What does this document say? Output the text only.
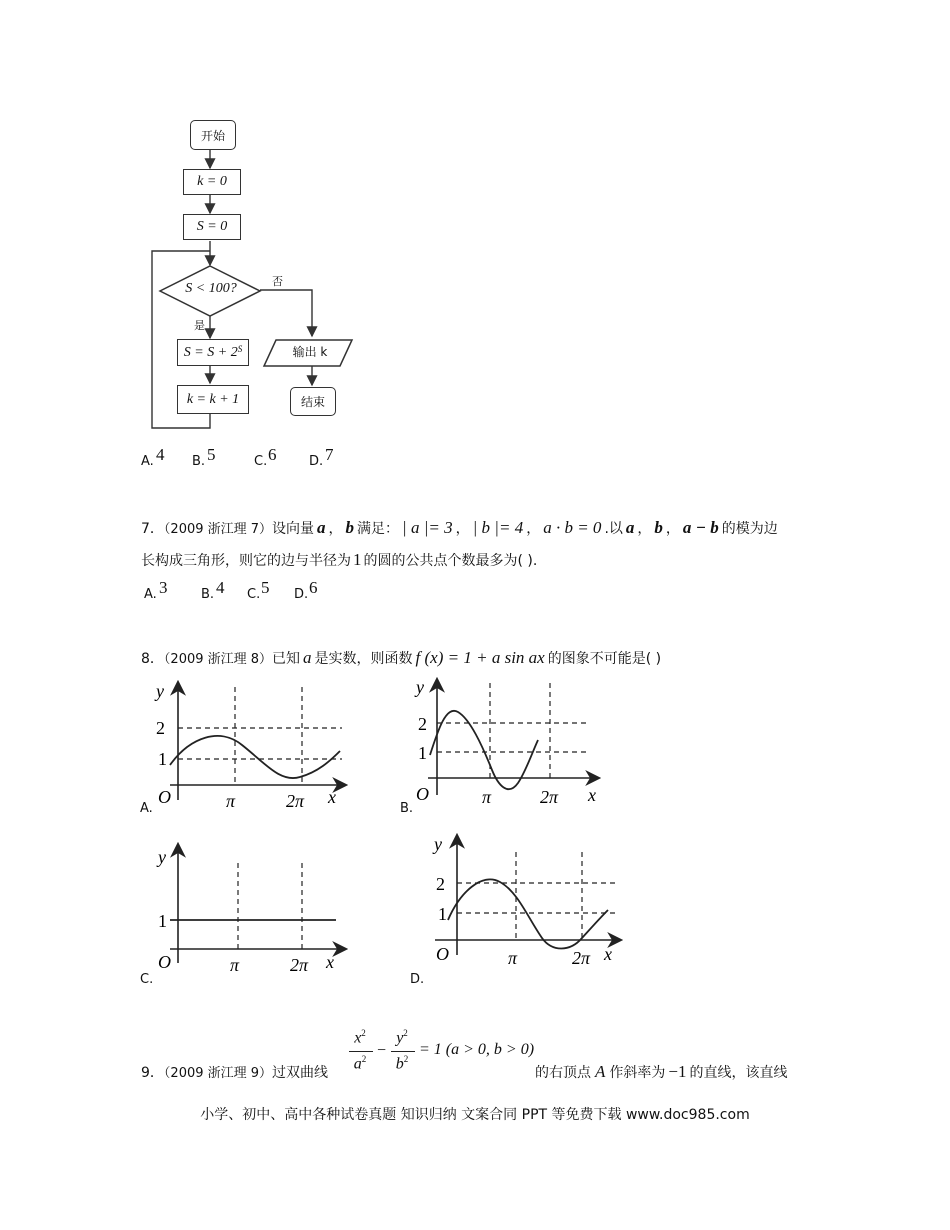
开始
k = 0
S = 0
S < 100?	否
是
$S = S + 2^S$
k = k + 1
输出 k
结束
A. 4 B. 5	C. 6	D. 7
7．（2009 浙江理 7）设向量 a ， b 满足： | a |= 3 ， | b |= 4 ， a · b = 0 .以 a ， b ， a − b 的模为边
长构成三角形，则它的边与半径为 1 的圆的公共点个数最多为( ).
A. 3	B. 4 C. 5 D. 6
8．（2009 浙江理 8）已知 a 是实数，则函数 f (x) = 1 + a sin ax 的图象不可能是( )
y
2
1
O	π	2π x
A.
y
2
1
O	π	2π x
B.
y
1
O	π	2π x
C.
y
2
1
O	π	2π x
D.
9．（2009 浙江理 9）过双曲线
$x^2$
$a^2$ −
$y^2$
$b^2$
= 1 (a > 0, b > 0)
的右顶点 A 作斜率为 −1 的直线，该直线
小学、初中、高中各种试卷真题 知识归纳 文案合同 PPT 等免费下载 www.doc985.com
